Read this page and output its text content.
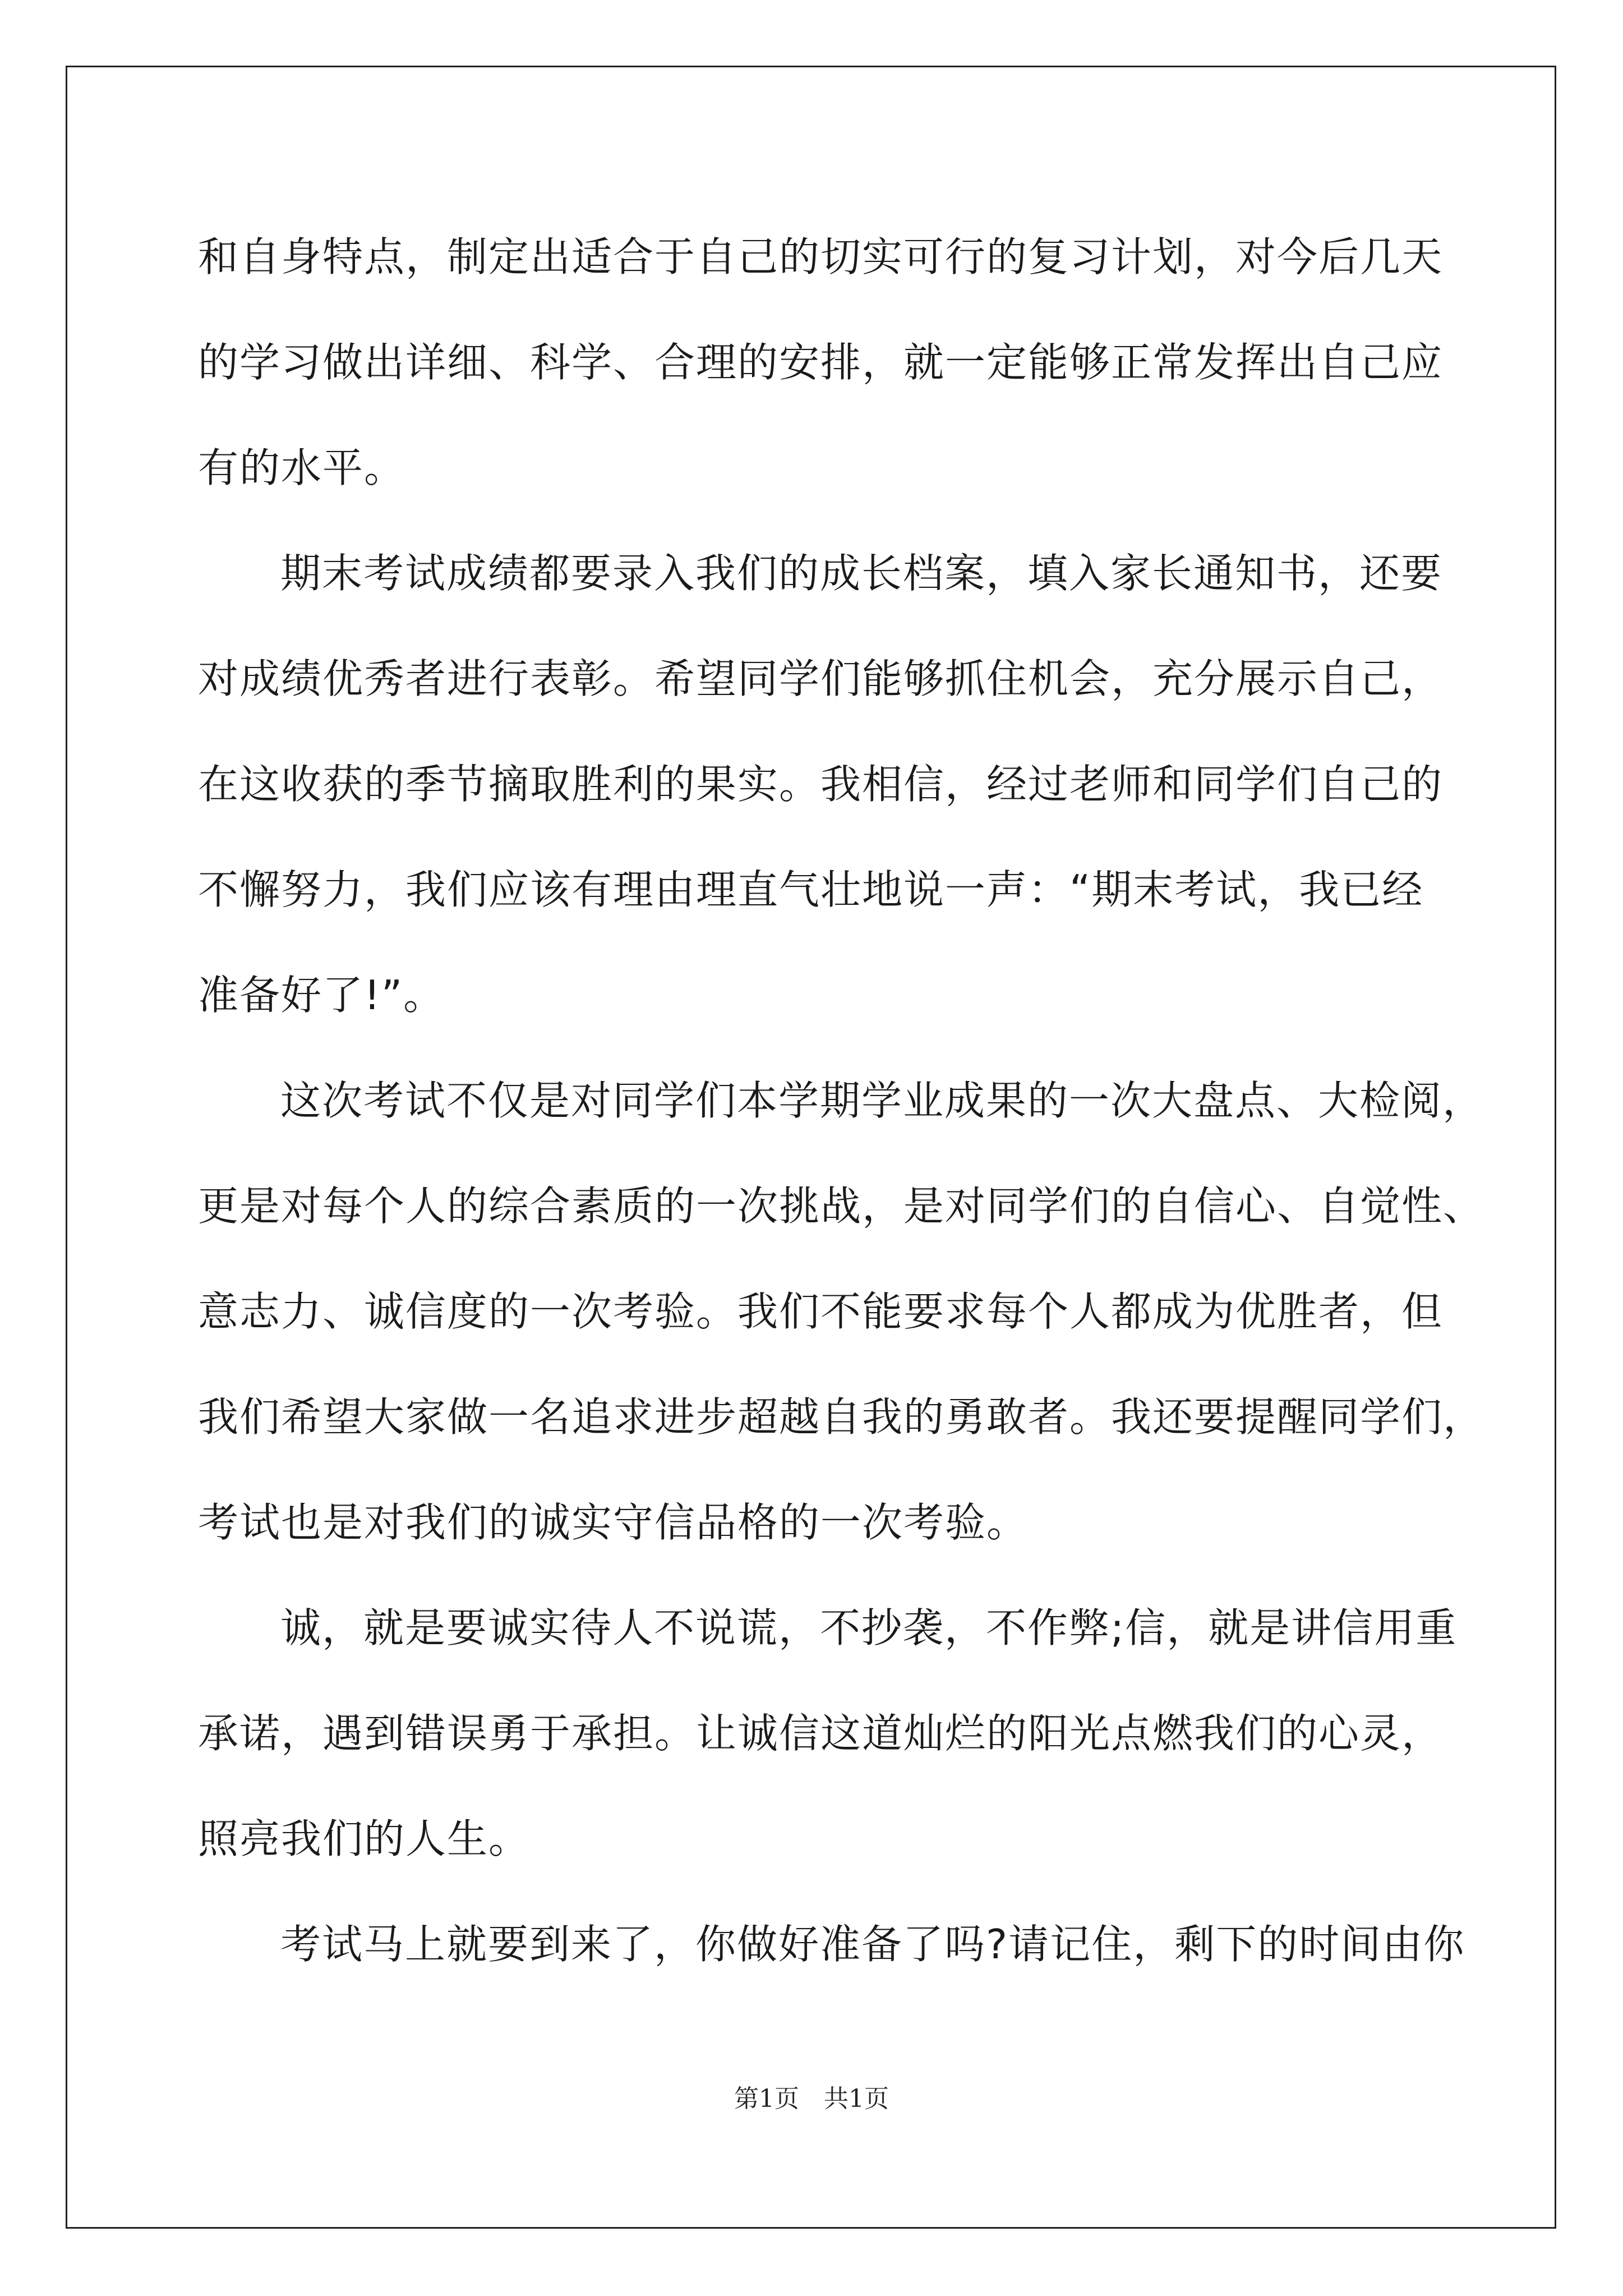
和自身特点，制定出适合于自己的切实可行的复习计划，对今后几天
的学习做出详细、科学、合理的安排，就一定能够正常发挥出自己应
有的水平。
期末考试成绩都要录入我们的成长档案，填入家长通知书，还要
对成绩优秀者进行表彰。希望同学们能够抓住机会，充分展示自己，
在这收获的季节摘取胜利的果实。我相信，经过老师和同学们自己的
不懈努力，我们应该有理由理直气壮地说一声：“期末考试，我已经
准备好了!”。
这次考试不仅是对同学们本学期学业成果的一次大盘点、大检阅，
更是对每个人的综合素质的一次挑战，是对同学们的自信心、自觉性、
意志力、诚信度的一次考验。我们不能要求每个人都成为优胜者，但
我们希望大家做一名追求进步超越自我的勇敢者。我还要提醒同学们，
考试也是对我们的诚实守信品格的一次考验。
诚，就是要诚实待人不说谎，不抄袭，不作弊;信，就是讲信用重
承诺，遇到错误勇于承担。让诚信这道灿烂的阳光点燃我们的心灵，
照亮我们的人生。
考试马上就要到来了，你做好准备了吗?请记住，剩下的时间由你
第1页　共1页
